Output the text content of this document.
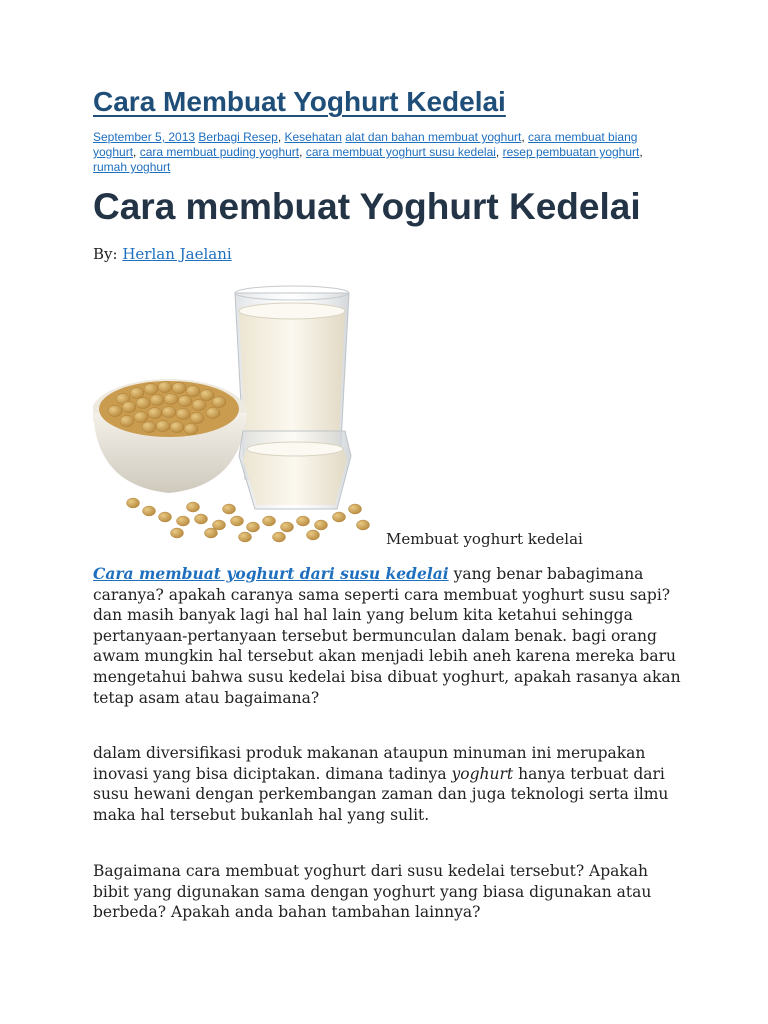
Cara Membuat Yoghurt Kedelai
September 5, 2013 Berbagi Resep, Kesehatan alat dan bahan membuat yoghurt, cara membuat biang yoghurt, cara membuat puding yoghurt, cara membuat yoghurt susu kedelai, resep pembuatan yoghurt, rumah yoghurt
Cara membuat Yoghurt Kedelai
By: Herlan Jaelani
Membuat yoghurt kedelai

Cara membuat yoghurt dari susu kedelai yang benar babagimana caranya? apakah caranya sama seperti cara membuat yoghurt susu sapi? dan masih banyak lagi hal hal lain yang belum kita ketahui sehingga pertanyaan-pertanyaan tersebut bermunculan dalam benak. bagi orang awam mungkin hal tersebut akan menjadi lebih aneh karena mereka baru mengetahui bahwa susu kedelai bisa dibuat yoghurt, apakah rasanya akan tetap asam atau bagaimana?

dalam diversifikasi produk makanan ataupun minuman ini merupakan inovasi yang bisa diciptakan. dimana tadinya yoghurt hanya terbuat dari susu hewani dengan perkembangan zaman dan juga teknologi serta ilmu maka hal tersebut bukanlah hal yang sulit.

Bagaimana cara membuat yoghurt dari susu kedelai tersebut? Apakah bibit yang digunakan sama dengan yoghurt yang biasa digunakan atau berbeda? Apakah anda bahan tambahan lainnya?
